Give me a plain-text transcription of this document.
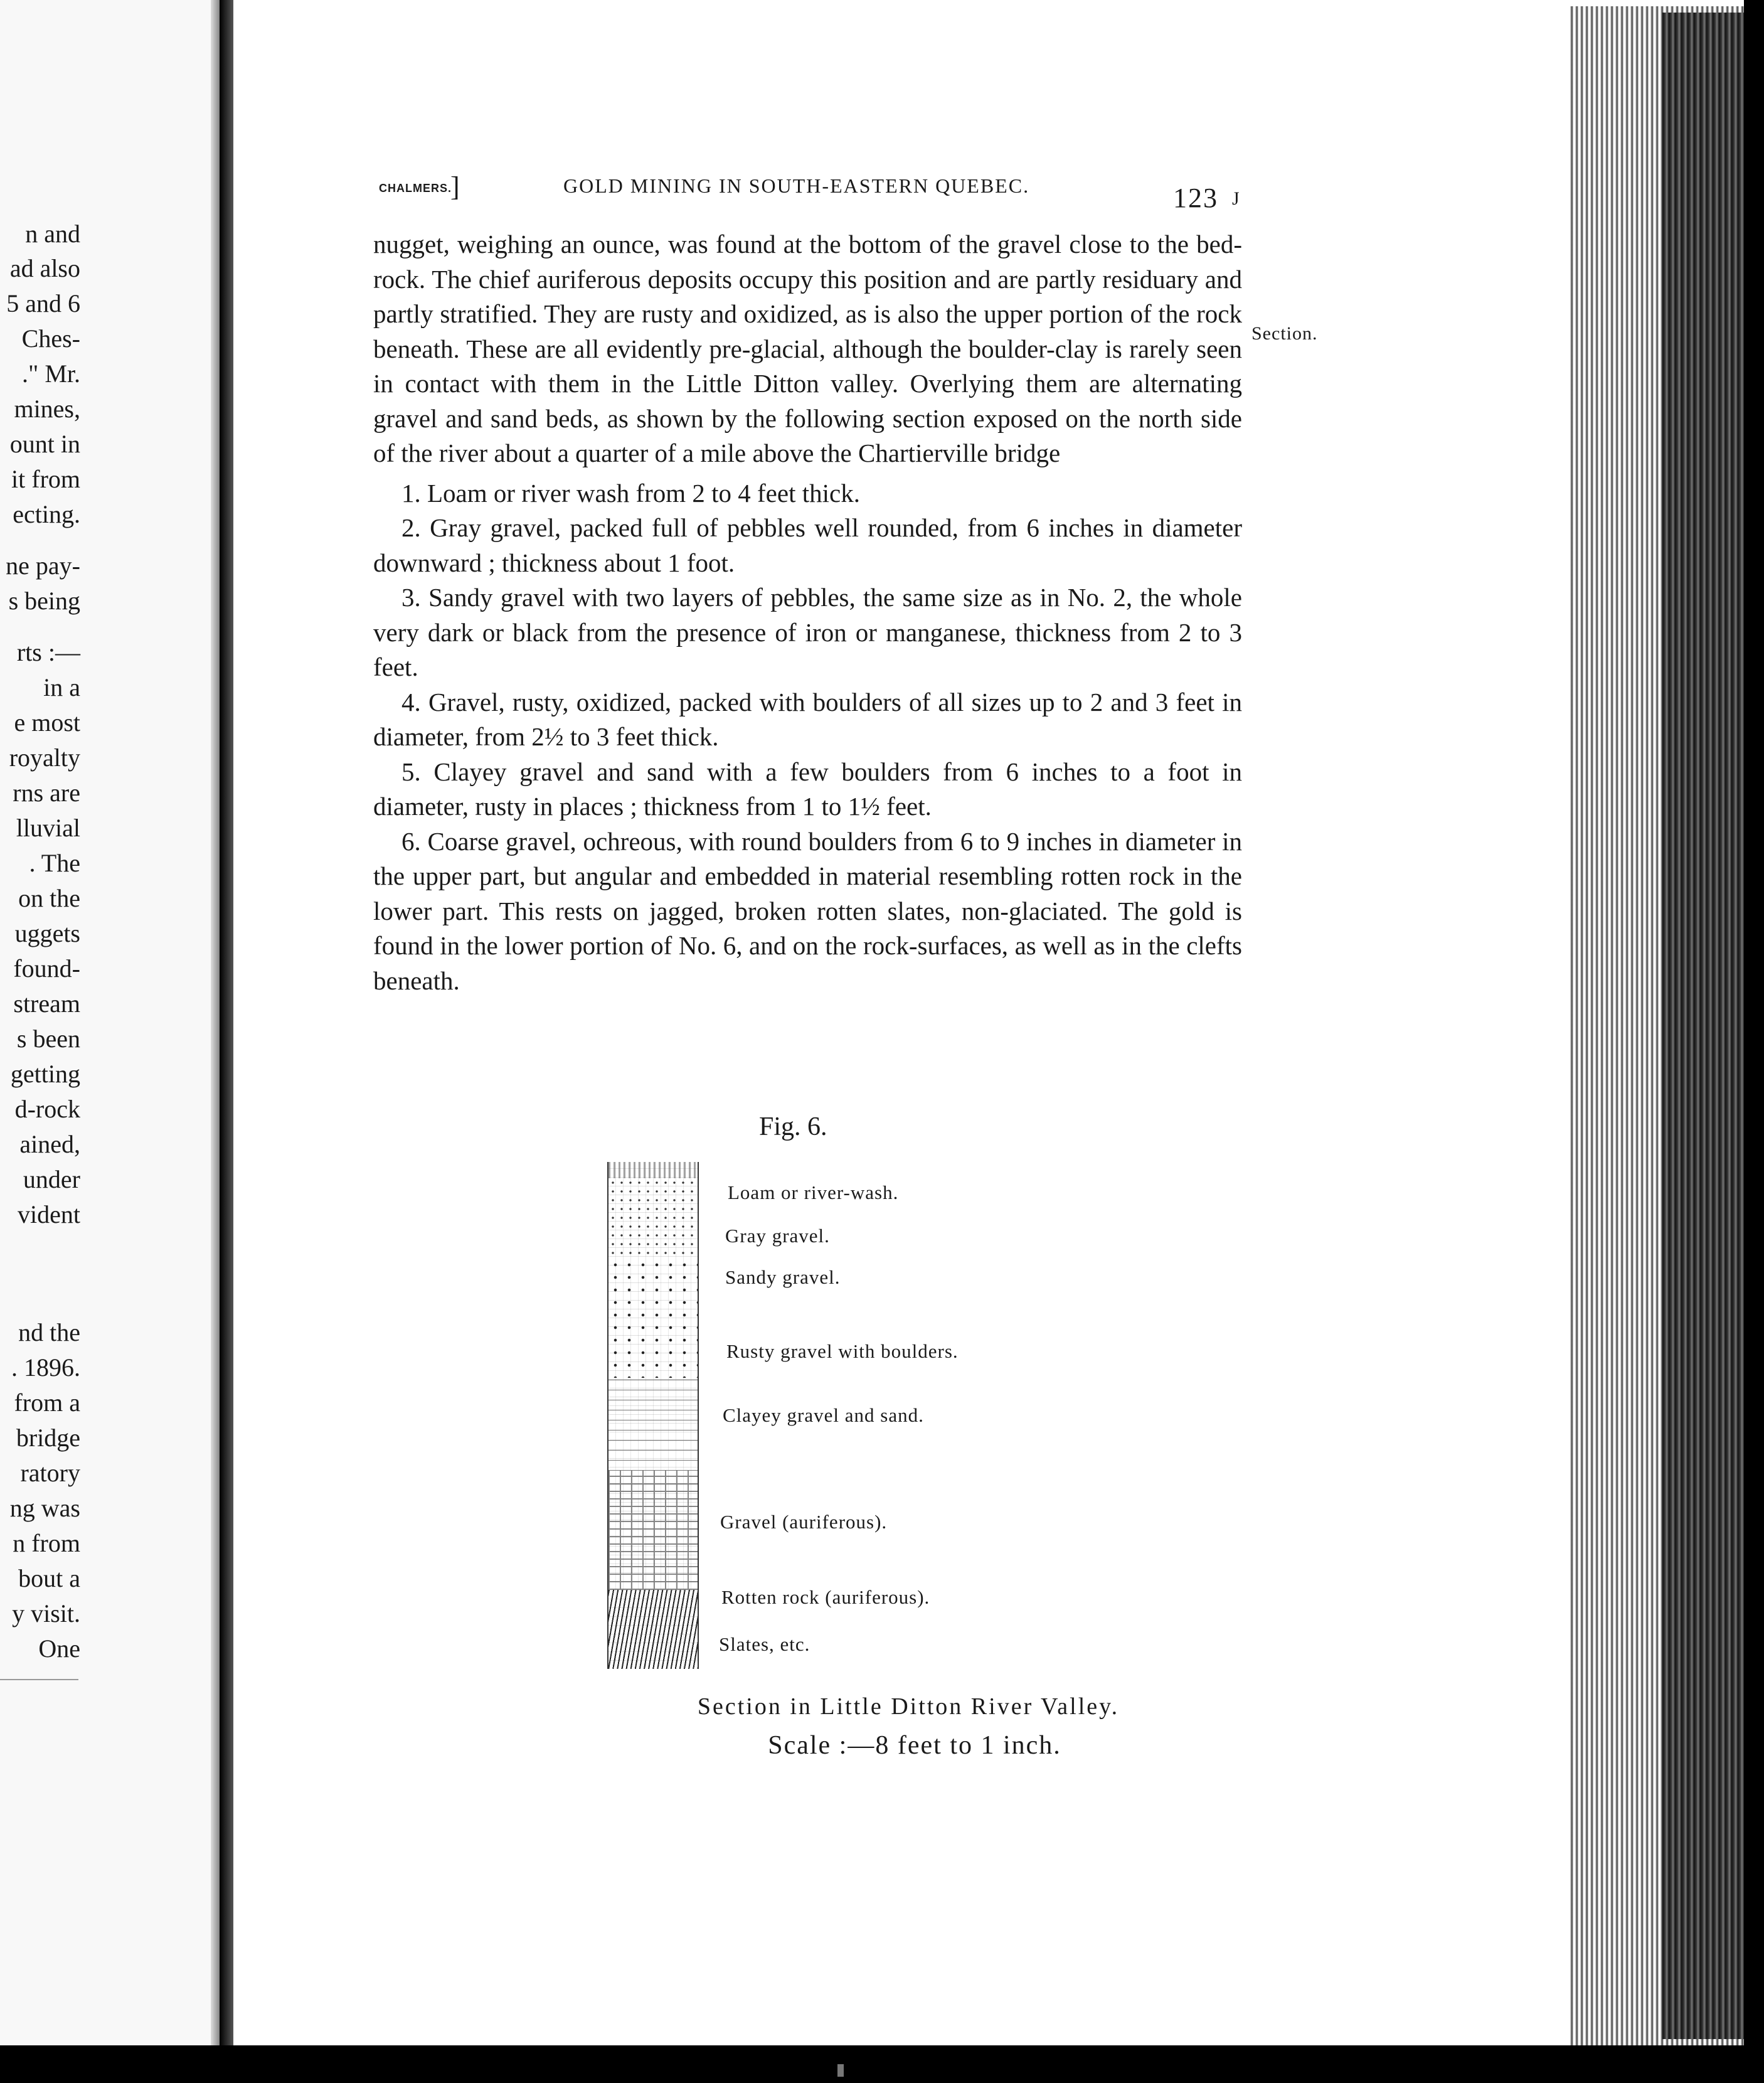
n and
ad also
5 and 6
Ches-
." Mr.
mines,
ount in
it from
ecting.
ne pay-
s being
rts :—
in a
e most
royalty
rns are
lluvial
. The
on the
uggets
found-
stream
s been
getting
d-rock
ained,
under
vident
nd the
. 1896.
from a
bridge
ratory
ng was
n from
bout a
y visit.
One
CHALMERS.
]	GOLD MINING IN SOUTH-EASTERN QUEBEC.	123 J
Section.

nugget, weighing an ounce, was found at the bottom of the gravel close to the bed-rock. The chief auriferous deposits occupy this position and are partly residuary and partly stratified. They are rusty and oxidized, as is also the upper portion of the rock beneath. These are all evidently pre-glacial, although the boulder-clay is rarely seen in contact with them in the Little Ditton valley. Overlying them are alternating gravel and sand beds, as shown by the following section exposed on the north side of the river about a quarter of a mile above the Chartierville bridge

1. Loam or river wash from 2 to 4 feet thick.

2. Gray gravel, packed full of pebbles well rounded, from 6 inches in diameter downward ; thickness about 1 foot.

3. Sandy gravel with two layers of pebbles, the same size as in No. 2, the whole very dark or black from the presence of iron or manganese, thickness from 2 to 3 feet.

4. Gravel, rusty, oxidized, packed with boulders of all sizes up to 2 and 3 feet in diameter, from 2½ to 3 feet thick.

5. Clayey gravel and sand with a few boulders from 6 inches to a foot in diameter, rusty in places ; thickness from 1 to 1½ feet.

6. Coarse gravel, ochreous, with round boulders from 6 to 9 inches in diameter in the upper part, but angular and embedded in material resembling rotten rock in the lower part. This rests on jagged, broken rotten slates, non-glaciated. The gold is found in the lower portion of No. 6, and on the rock-surfaces, as well as in the clefts beneath.

Fig. 6.
Loam or river-wash.
Gray gravel.
Sandy gravel.
Rusty gravel with boulders.
Clayey gravel and sand.
Gravel (auriferous).
Rotten rock (auriferous).
Slates, etc.
Section in Little Ditton River Valley.
Scale :—8 feet to 1 inch.
